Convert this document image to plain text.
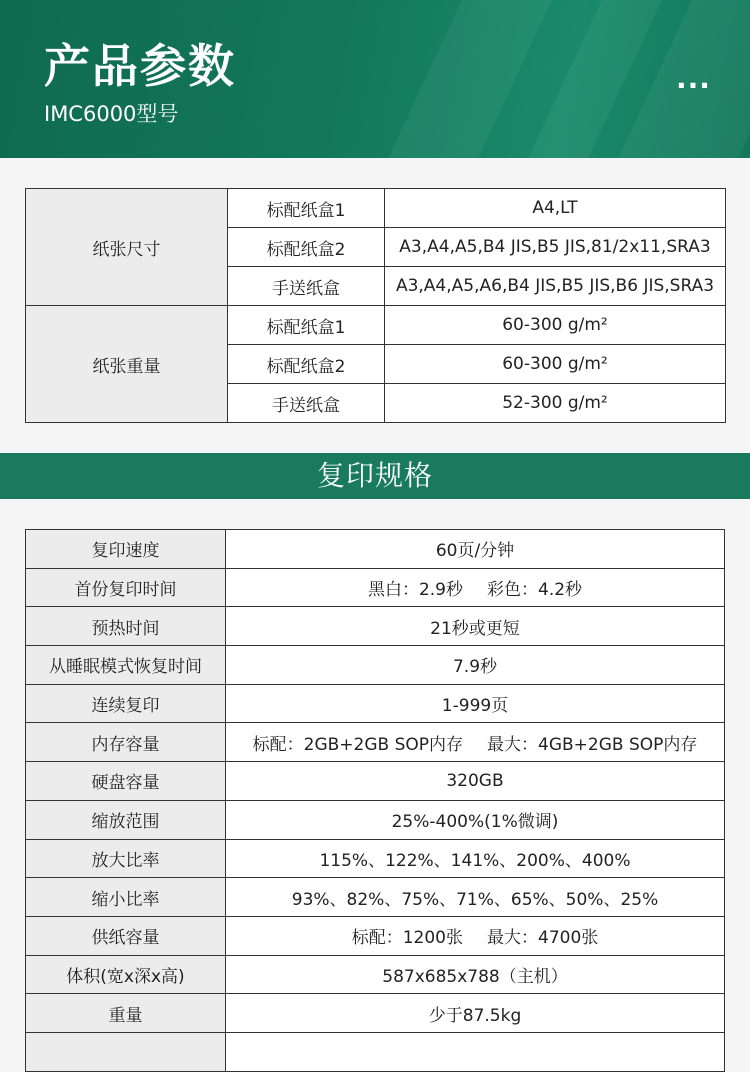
产品参数
IMC6000型号
...
纸张尺寸	标配纸盒1	A4,LT
	标配纸盒2	A3,A4,A5,B4 JIS,B5 JIS,81/2x11,SRA3
	手送纸盒	A3,A4,A5,A6,B4 JIS,B5 JIS,B6 JIS,SRA3
纸张重量	标配纸盒1	60-300 g/m²
	标配纸盒2	60-300 g/m²
	手送纸盒	52-300 g/m²
复印规格
复印速度	60页/分钟
首份复印时间	黑白：2.9秒 彩色：4.2秒
预热时间	21秒或更短
从睡眠模式恢复时间	7.9秒
连续复印	1-999页
内存容量	标配：2GB+2GB SOP内存 最大：4GB+2GB SOP内存
硬盘容量	320GB
缩放范围	25%-400%(1%微调)
放大比率	115%、122%、141%、200%、400%
缩小比率	93%、82%、75%、71%、65%、50%、25%
供纸容量	标配：1200张 最大：4700张
体积(宽x深x高)	587x685x788（主机）
重量	少于87.5kg
